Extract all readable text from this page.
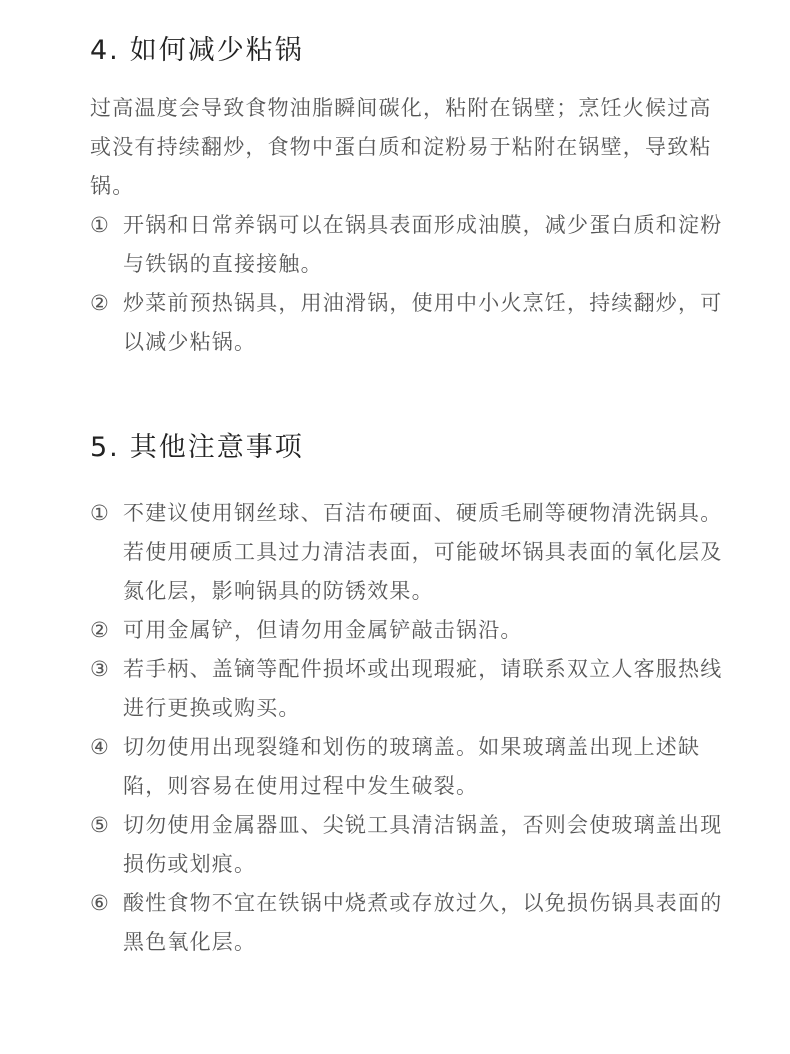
4. 如何减少粘锅

过高温度会导致食物油脂瞬间碳化，粘附在锅壁；烹饪火候过高或没有持续翻炒，食物中蛋白质和淀粉易于粘附在锅壁，导致粘锅。

① 开锅和日常养锅可以在锅具表面形成油膜，减少蛋白质和淀粉与铁锅的直接接触。
② 炒菜前预热锅具，用油滑锅，使用中小火烹饪，持续翻炒，可以减少粘锅。
5. 其他注意事项
① 不建议使用钢丝球、百洁布硬面、硬质毛刷等硬物清洗锅具。若使用硬质工具过力清洁表面，可能破坏锅具表面的氧化层及氮化层，影响锅具的防锈效果。
② 可用金属铲，但请勿用金属铲敲击锅沿。
③ 若手柄、盖镝等配件损坏或出现瑕疵，请联系双立人客服热线进行更换或购买。
④ 切勿使用出现裂缝和划伤的玻璃盖。如果玻璃盖出现上述缺陷，则容易在使用过程中发生破裂。
⑤ 切勿使用金属器皿、尖锐工具清洁锅盖，否则会使玻璃盖出现损伤或划痕。
⑥ 酸性食物不宜在铁锅中烧煮或存放过久，以免损伤锅具表面的黑色氧化层。
